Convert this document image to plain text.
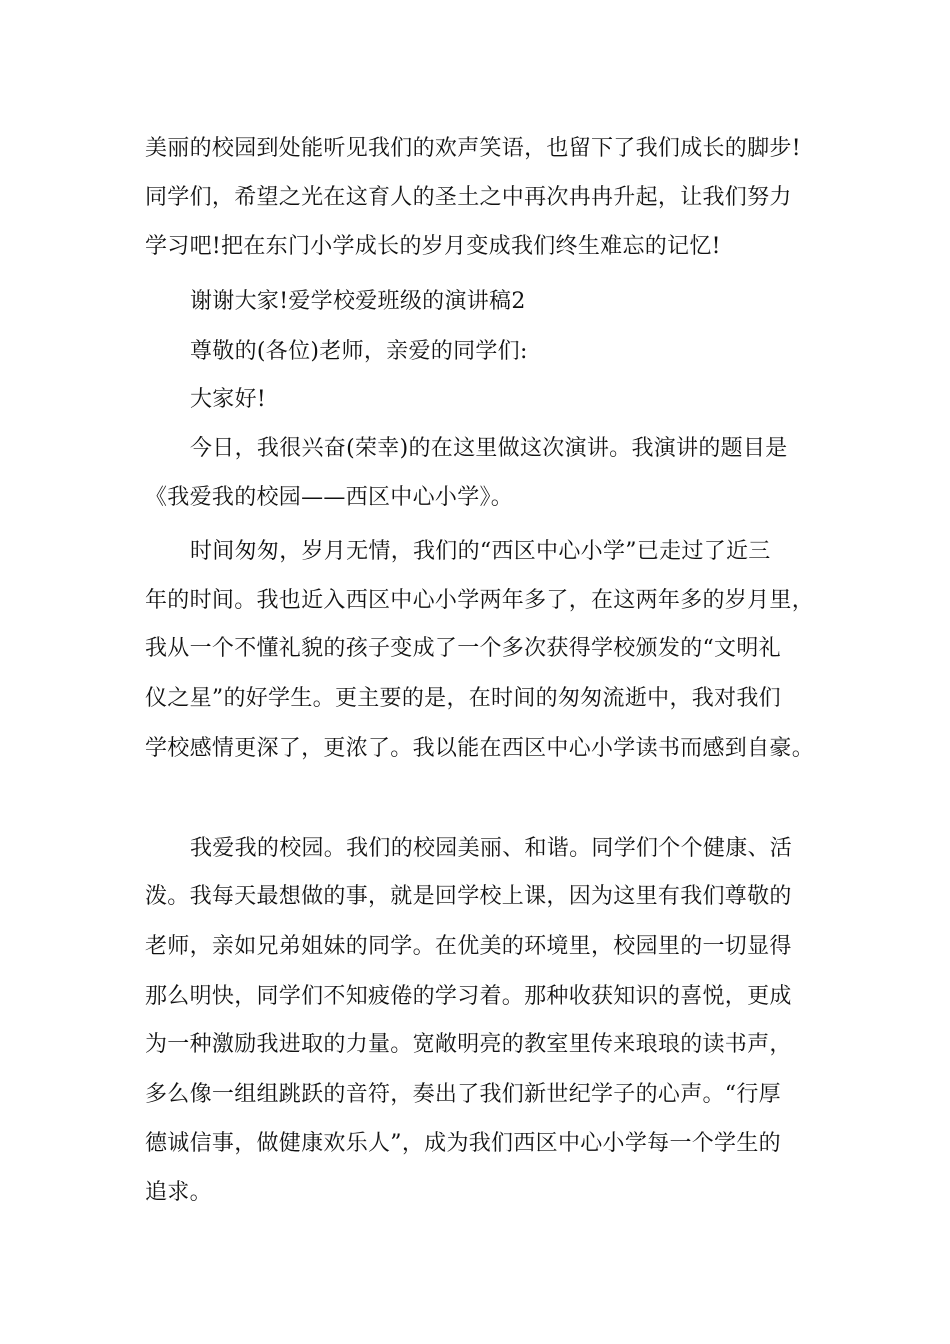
美丽的校园到处能听见我们的欢声笑语，也留下了我们成长的脚步!
同学们，希望之光在这育人的圣土之中再次冉冉升起，让我们努力
学习吧!把在东门小学成长的岁月变成我们终生难忘的记忆!
谢谢大家!爱学校爱班级的演讲稿2
尊敬的(各位)老师，亲爱的同学们:
大家好!
今日，我很兴奋(荣幸)的在这里做这次演讲。我演讲的题目是
《我爱我的校园——西区中心小学》。
时间匆匆，岁月无情，我们的“西区中心小学”已走过了近三
年的时间。我也近入西区中心小学两年多了，在这两年多的岁月里，
我从一个不懂礼貌的孩子变成了一个多次获得学校颁发的“文明礼
仪之星”的好学生。更主要的是，在时间的匆匆流逝中，我对我们
学校感情更深了，更浓了。我以能在西区中心小学读书而感到自豪。
我爱我的校园。我们的校园美丽、和谐。同学们个个健康、活
泼。我每天最想做的事，就是回学校上课，因为这里有我们尊敬的
老师，亲如兄弟姐妹的同学。在优美的环境里，校园里的一切显得
那么明快，同学们不知疲倦的学习着。那种收获知识的喜悦，更成
为一种激励我进取的力量。宽敞明亮的教室里传来琅琅的读书声，
多么像一组组跳跃的音符，奏出了我们新世纪学子的心声。“行厚
德诚信事，做健康欢乐人”，成为我们西区中心小学每一个学生的
追求。
